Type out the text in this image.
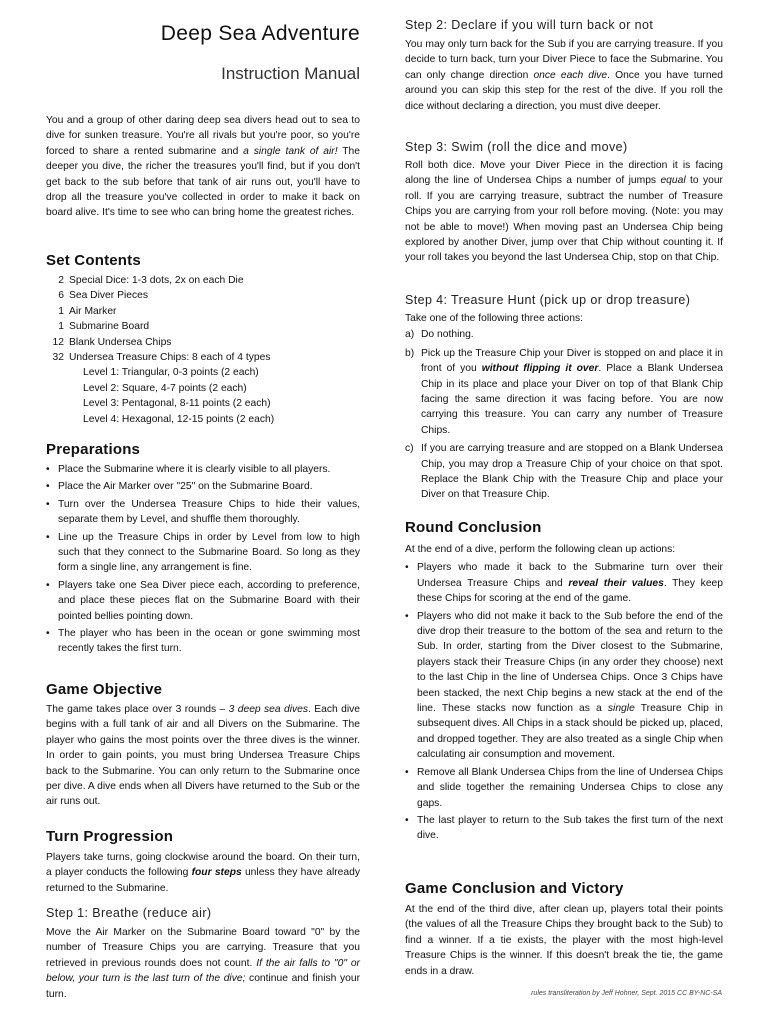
Deep Sea Adventure
Instruction Manual

You and a group of other daring deep sea divers head out to sea to dive for sunken treasure. You're all rivals but you're poor, so you're forced to share a rented submarine and a single tank of air! The deeper you dive, the richer the treasures you'll find, but if you don't get back to the sub before that tank of air runs out, you'll have to drop all the treasure you've collected in order to make it back on board alive. It's time to see who can bring home the greatest riches.

Set Contents
2 Special Dice: 1-3 dots, 2x on each Die
6 Sea Diver Pieces
1 Air Marker
1 Submarine Board
12 Blank Undersea Chips
32 Undersea Treasure Chips: 8 each of 4 types
Level 1: Triangular, 0-3 points (2 each)
Level 2: Square, 4-7 points (2 each)
Level 3: Pentagonal, 8-11 points (2 each)
Level 4: Hexagonal, 12-15 points (2 each)
Preparations
• Place the Submarine where it is clearly visible to all players.
• Place the Air Marker over "25" on the Submarine Board.
• Turn over the Undersea Treasure Chips to hide their values, separate them by Level, and shuffle them thoroughly.
• Line up the Treasure Chips in order by Level from low to high such that they connect to the Submarine Board. So long as they form a single line, any arrangement is fine.
• Players take one Sea Diver piece each, according to preference, and place these pieces flat on the Submarine Board with their pointed bellies pointing down.
• The player who has been in the ocean or gone swimming most recently takes the first turn.
Game Objective

The game takes place over 3 rounds – 3 deep sea dives. Each dive begins with a full tank of air and all Divers on the Submarine. The player who gains the most points over the three dives is the winner. In order to gain points, you must bring Undersea Treasure Chips back to the Submarine. You can only return to the Submarine once per dive. A dive ends when all Divers have returned to the Sub or the air runs out.

Turn Progression

Players take turns, going clockwise around the board. On their turn, a player conducts the following four steps unless they have already returned to the Submarine.

Step 1: Breathe (reduce air)

Move the Air Marker on the Submarine Board toward "0" by the number of Treasure Chips you are carrying. Treasure that you retrieved in previous rounds does not count. If the air falls to "0" or below, your turn is the last turn of the dive; continue and finish your turn.

Step 2: Declare if you will turn back or not

You may only turn back for the Sub if you are carrying treasure. If you decide to turn back, turn your Diver Piece to face the Submarine. You can only change direction once each dive. Once you have turned around you can skip this step for the rest of the dive. If you roll the dice without declaring a direction, you must dive deeper.

Step 3: Swim (roll the dice and move)

Roll both dice. Move your Diver Piece in the direction it is facing along the line of Undersea Chips a number of jumps equal to your roll. If you are carrying treasure, subtract the number of Treasure Chips you are carrying from your roll before moving. (Note: you may not be able to move!) When moving past an Undersea Chip being explored by another Diver, jump over that Chip without counting it. If your roll takes you beyond the last Undersea Chip, stop on that Chip.

Step 4: Treasure Hunt (pick up or drop treasure)

Take one of the following three actions:

a) Do nothing.
b) Pick up the Treasure Chip your Diver is stopped on and place it in front of you without flipping it over. Place a Blank Undersea Chip in its place and place your Diver on top of that Blank Chip facing the same direction it was facing before. You are now carrying this treasure. You can carry any number of Treasure Chips.
c) If you are carrying treasure and are stopped on a Blank Undersea Chip, you may drop a Treasure Chip of your choice on that spot. Replace the Blank Chip with the Treasure Chip and place your Diver on that Treasure Chip.
Round Conclusion

At the end of a dive, perform the following clean up actions:

• Players who made it back to the Submarine turn over their Undersea Treasure Chips and reveal their values. They keep these Chips for scoring at the end of the game.
• Players who did not make it back to the Sub before the end of the dive drop their treasure to the bottom of the sea and return to the Sub. In order, starting from the Diver closest to the Submarine, players stack their Treasure Chips (in any order they choose) next to the last Chip in the line of Undersea Chips. Once 3 Chips have been stacked, the next Chip begins a new stack at the end of the line. These stacks now function as a single Treasure Chip in subsequent dives. All Chips in a stack should be picked up, placed, and dropped together. They are also treated as a single Chip when calculating air consumption and movement.
• Remove all Blank Undersea Chips from the line of Undersea Chips and slide together the remaining Undersea Chips to close any gaps.
• The last player to return to the Sub takes the first turn of the next dive.
Game Conclusion and Victory

At the end of the third dive, after clean up, players total their points (the values of all the Treasure Chips they brought back to the Sub) to find a winner. If a tie exists, the player with the most high-level Treasure Chips is the winner. If this doesn't break the tie, the game ends in a draw.

rules transliteration by Jeff Hohner, Sept. 2015 CC BY-NC-SA
